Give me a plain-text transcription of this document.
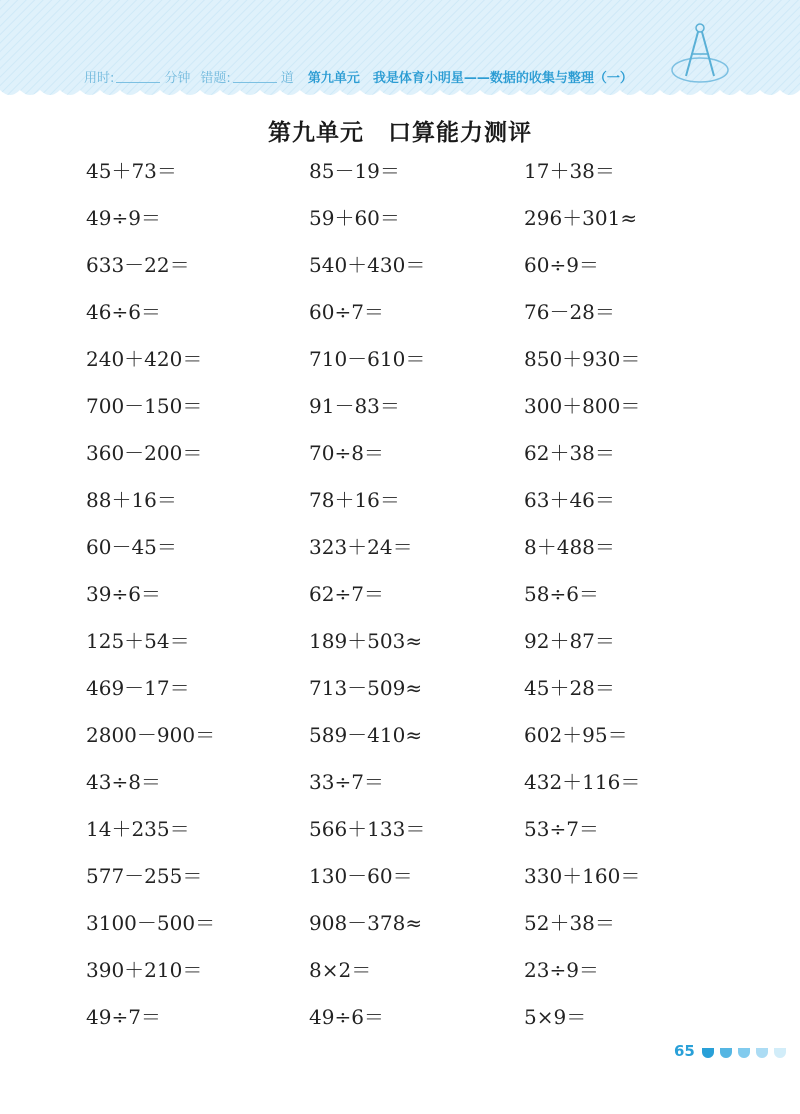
用时:	分钟 错题:	道 第九单元　我是体育小明星——数据的收集与整理（一）
第九单元　口算能力测评
45＋73＝	85－19＝	17＋38＝
49÷9＝	59＋60＝	296＋301≈
633－22＝	540＋430＝	60÷9＝
46÷6＝	60÷7＝	76－28＝
240＋420＝	710－610＝	850＋930＝
700－150＝	91－83＝	300＋800＝
360－200＝	70÷8＝	62＋38＝
88＋16＝	78＋16＝	63＋46＝
60－45＝	323＋24＝	8＋488＝
39÷6＝	62÷7＝	58÷6＝
125＋54＝	189＋503≈	92＋87＝
469－17＝	713－509≈	45＋28＝
2800－900＝	589－410≈	602＋95＝
43÷8＝	33÷7＝	432＋116＝
14＋235＝	566＋133＝	53÷7＝
577－255＝	130－60＝	330＋160＝
3100－500＝	908－378≈	52＋38＝
390＋210＝	8×2＝	23÷9＝
49÷7＝	49÷6＝	5×9＝
65
